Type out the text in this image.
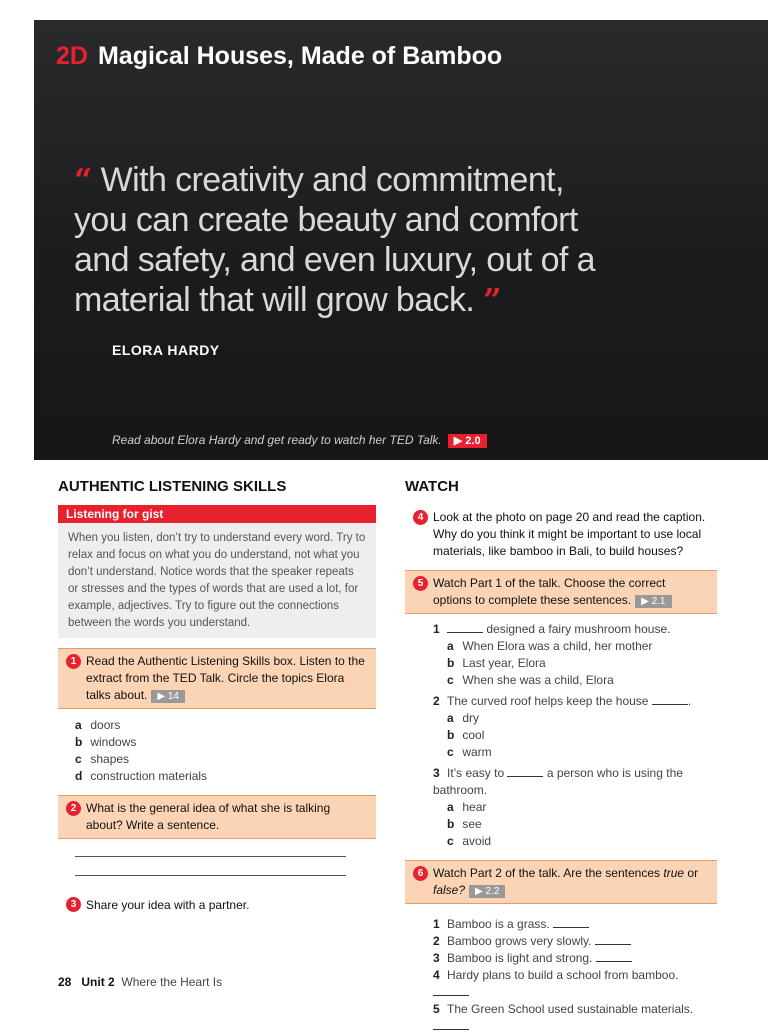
2D Magical Houses, Made of Bamboo
“ With creativity and commitment, you can create beauty and comfort and safety, and even luxury, out of a material that will grow back. ”
ELORA HARDY
Read about Elora Hardy and get ready to watch her TED Talk. ▶ 2.0
AUTHENTIC LISTENING SKILLS
Listening for gist
When you listen, don’t try to understand every word. Try to relax and focus on what you do understand, not what you don’t understand. Notice words that the speaker repeats or stresses and the types of words that are used a lot, for example, adjectives. Try to figure out the connections between the words you understand.
1 Read the Authentic Listening Skills box. Listen to the extract from the TED Talk. Circle the topics Elora talks about. ▶ 14
a doors
b windows
c shapes
d construction materials
2 What is the general idea of what she is talking about? Write a sentence.
3 Share your idea with a partner.
WATCH
4 Look at the photo on page 20 and read the caption. Why do you think it might be important to use local materials, like bamboo in Bali, to build houses?
5 Watch Part 1 of the talk. Choose the correct options to complete these sentences. ▶ 2.1
1	designed a fairy mushroom house.
a When Elora was a child, her mother
b Last year, Elora
c When she was a child, Elora
2 The curved roof helps keep the house	.
a dry
b cool
c warm
3 It’s easy to	a person who is using the bathroom.
a hear
b see
c avoid
6 Watch Part 2 of the talk. Are the sentences true or false? ▶ 2.2
1 Bamboo is a grass.
2 Bamboo grows very slowly.
3 Bamboo is light and strong.
4 Hardy plans to build a school from bamboo.
5 The Green School used sustainable materials.
28 Unit 2 Where the Heart Is
